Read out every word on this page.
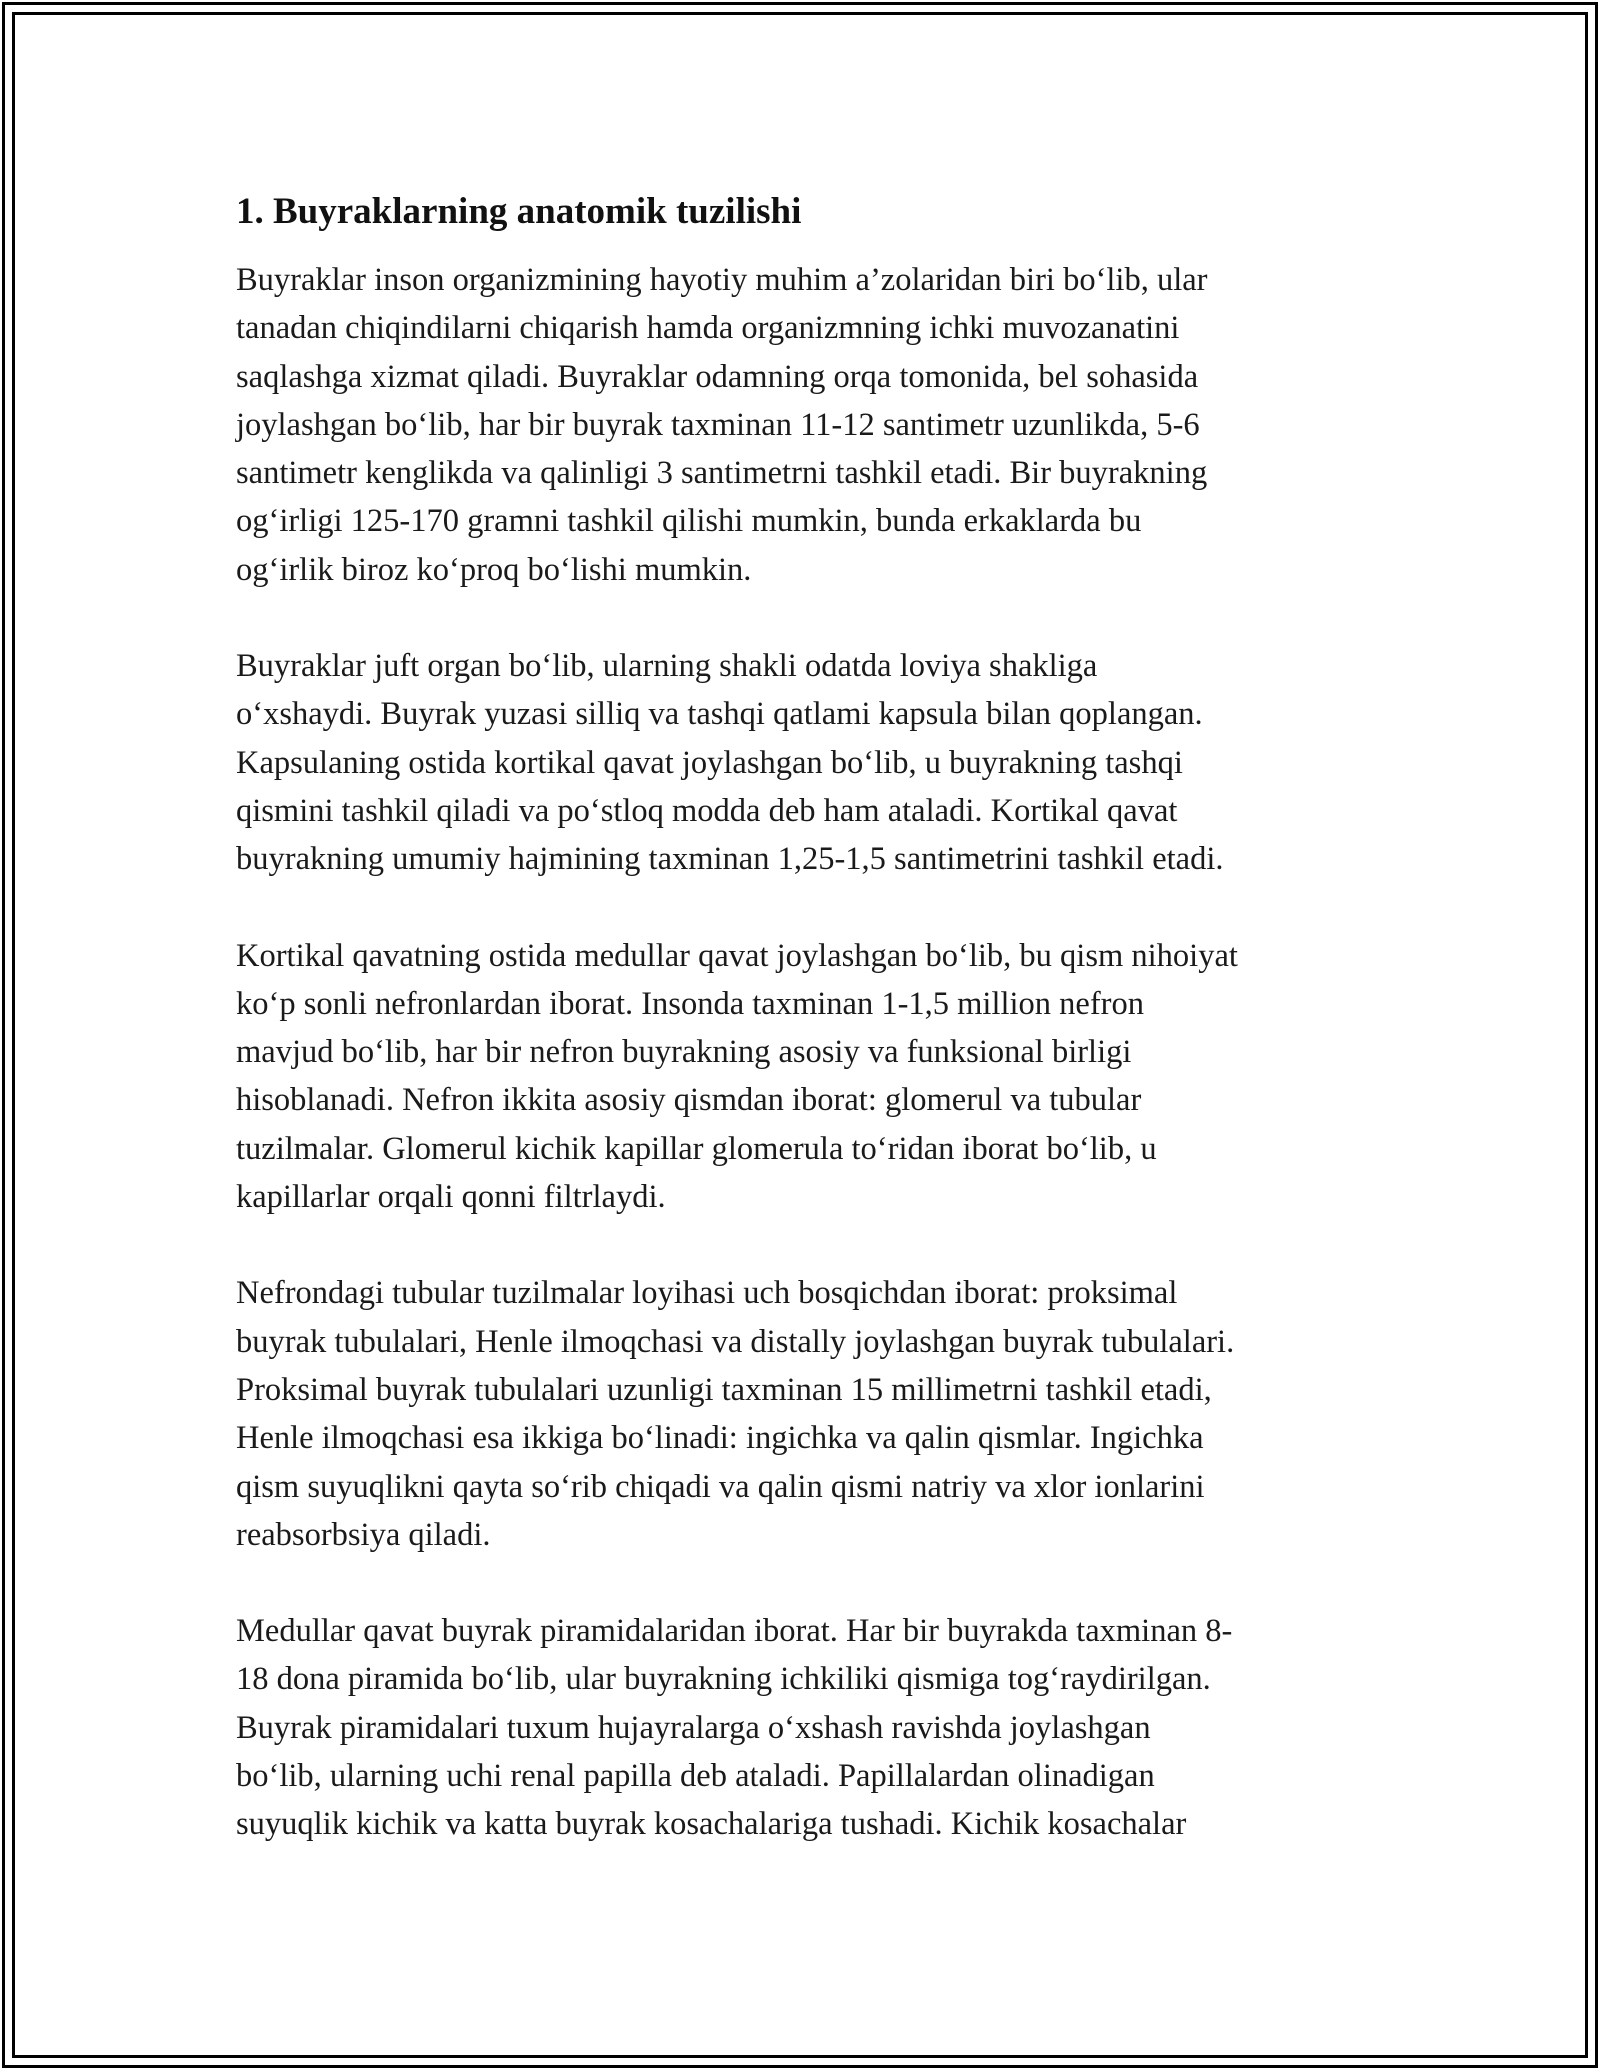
1. Buyraklarning anatomik tuzilishi
Buyraklar inson organizmining hayotiy muhim a’zolaridan biri bo‘lib, ular
tanadan chiqindilarni chiqarish hamda organizmning ichki muvozanatini
saqlashga xizmat qiladi. Buyraklar odamning orqa tomonida, bel sohasida
joylashgan bo‘lib, har bir buyrak taxminan 11-12 santimetr uzunlikda, 5-6
santimetr kenglikda va qalinligi 3 santimetrni tashkil etadi. Bir buyrakning
og‘irligi 125-170 gramni tashkil qilishi mumkin, bunda erkaklarda bu
og‘irlik biroz ko‘proq bo‘lishi mumkin.
Buyraklar juft organ bo‘lib, ularning shakli odatda loviya shakliga
o‘xshaydi. Buyrak yuzasi silliq va tashqi qatlami kapsula bilan qoplangan.
Kapsulaning ostida kortikal qavat joylashgan bo‘lib, u buyrakning tashqi
qismini tashkil qiladi va po‘stloq modda deb ham ataladi. Kortikal qavat
buyrakning umumiy hajmining taxminan 1,25-1,5 santimetrini tashkil etadi.
Kortikal qavatning ostida medullar qavat joylashgan bo‘lib, bu qism nihoiyat
ko‘p sonli nefronlardan iborat. Insonda taxminan 1-1,5 million nefron
mavjud bo‘lib, har bir nefron buyrakning asosiy va funksional birligi
hisoblanadi. Nefron ikkita asosiy qismdan iborat: glomerul va tubular
tuzilmalar. Glomerul kichik kapillar glomerula to‘ridan iborat bo‘lib, u
kapillarlar orqali qonni filtrlaydi.
Nefrondagi tubular tuzilmalar loyihasi uch bosqichdan iborat: proksimal
buyrak tubulalari, Henle ilmoqchasi va distally joylashgan buyrak tubulalari.
Proksimal buyrak tubulalari uzunligi taxminan 15 millimetrni tashkil etadi,
Henle ilmoqchasi esa ikkiga bo‘linadi: ingichka va qalin qismlar. Ingichka
qism suyuqlikni qayta so‘rib chiqadi va qalin qismi natriy va xlor ionlarini
reabsorbsiya qiladi.
Medullar qavat buyrak piramidalaridan iborat. Har bir buyrakda taxminan 8-
18 dona piramida bo‘lib, ular buyrakning ichkiliki qismiga tog‘raydirilgan.
Buyrak piramidalari tuxum hujayralarga o‘xshash ravishda joylashgan
bo‘lib, ularning uchi renal papilla deb ataladi. Papillalardan olinadigan
suyuqlik kichik va katta buyrak kosachalariga tushadi. Kichik kosachalar
